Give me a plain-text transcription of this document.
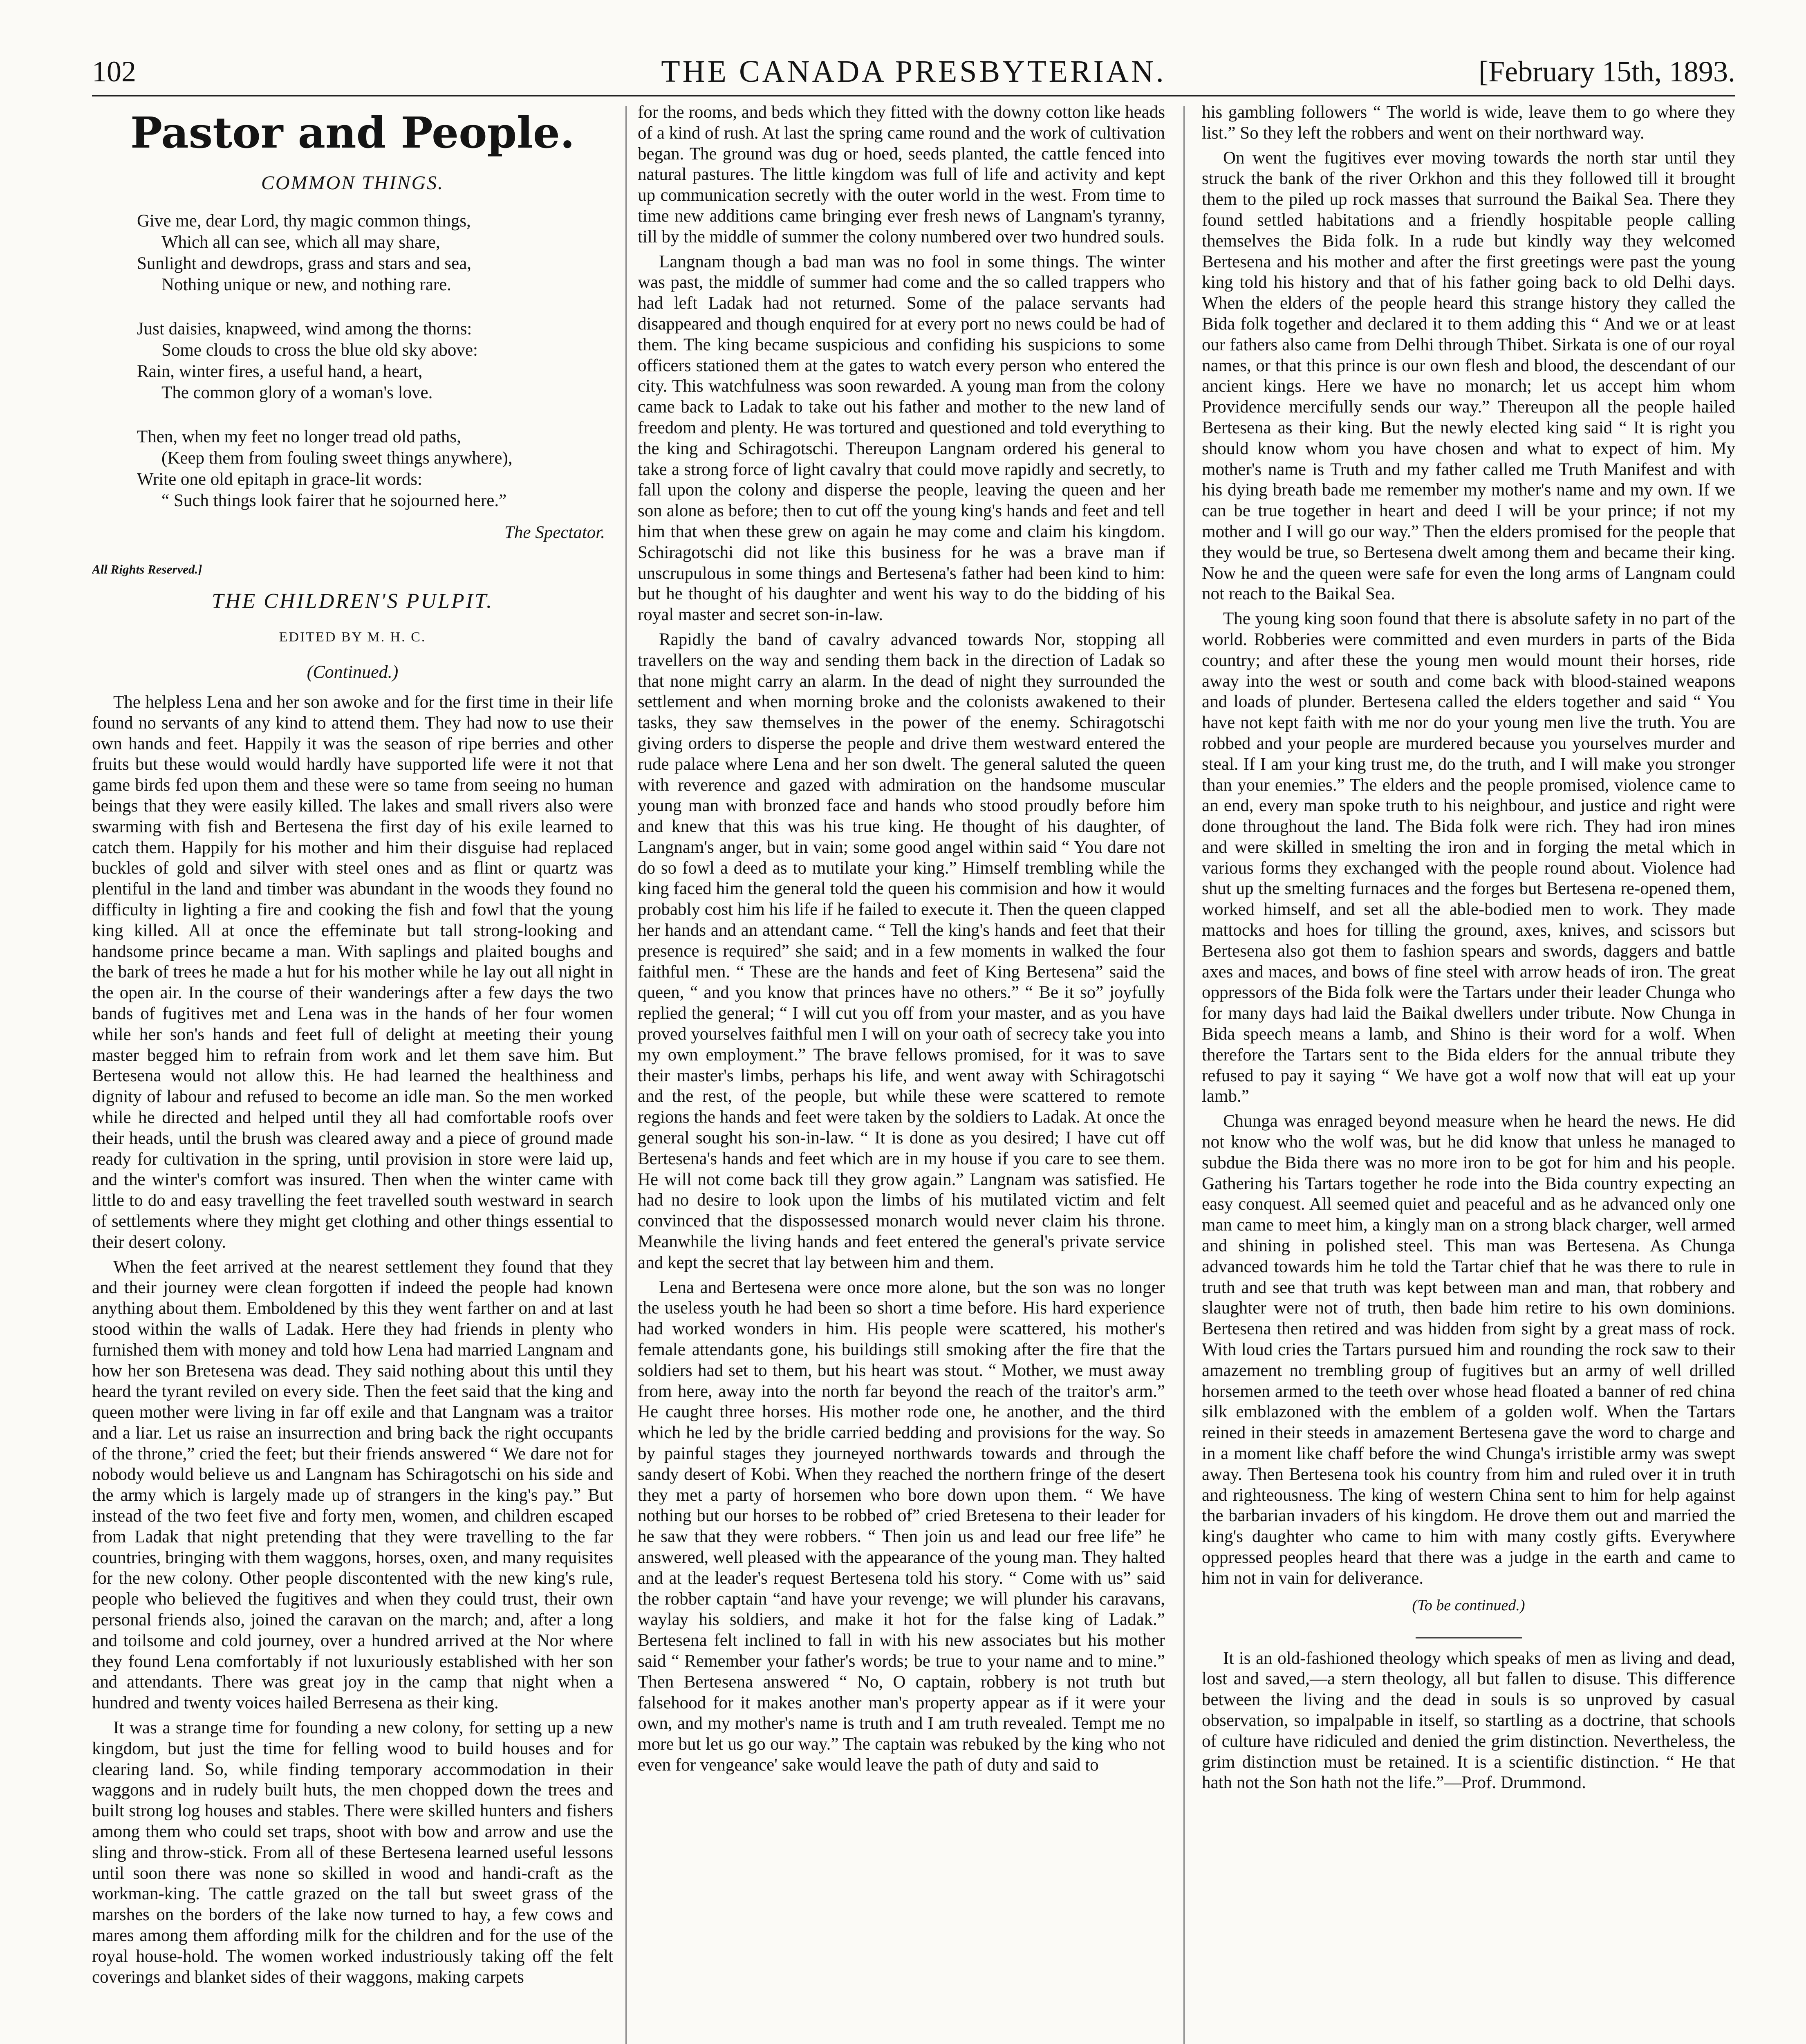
102	THE CANADA PRESBYTERIAN.	[February 15th, 1893.
Pastor and People.
COMMON THINGS.
Give me, dear Lord, thy magic common things,
Which all can see, which all may share,
Sunlight and dewdrops, grass and stars and sea,
Nothing unique or new, and nothing rare.
Just daisies, knapweed, wind among the thorns:
Some clouds to cross the blue old sky above:
Rain, winter fires, a useful hand, a heart,
The common glory of a woman's love.
Then, when my feet no longer tread old paths,
(Keep them from fouling sweet things anywhere),
Write one old epitaph in grace-lit words:
“ Such things look fairer that he sojourned here.”
The Spectator.
All Rights Reserved.]
THE CHILDREN'S PULPIT.
EDITED BY M. H. C.
(Continued.)

The helpless Lena and her son awoke and for the first time in their life found no servants of any kind to attend them. They had now to use their own hands and feet. Happily it was the season of ripe berries and other fruits but these would would hardly have supported life were it not that game birds fed upon them and these were so tame from seeing no human beings that they were easily killed. The lakes and small rivers also were swarming with fish and Bertesena the first day of his exile learned to catch them. Happily for his mother and him their disguise had replaced buckles of gold and silver with steel ones and as flint or quartz was plentiful in the land and timber was abundant in the woods they found no difficulty in lighting a fire and cooking the fish and fowl that the young king killed. All at once the effeminate but tall strong-looking and handsome prince became a man. With saplings and plaited boughs and the bark of trees he made a hut for his mother while he lay out all night in the open air. In the course of their wanderings after a few days the two bands of fugitives met and Lena was in the hands of her four women while her son's hands and feet full of delight at meeting their young master begged him to refrain from work and let them save him. But Bertesena would not allow this. He had learned the healthiness and dignity of labour and refused to become an idle man. So the men worked while he directed and helped until they all had comfortable roofs over their heads, until the brush was cleared away and a piece of ground made ready for cultivation in the spring, until provision in store were laid up, and the winter's comfort was insured. Then when the winter came with little to do and easy travelling the feet travelled south westward in search of settlements where they might get clothing and other things essential to their desert colony.

When the feet arrived at the nearest settlement they found that they and their journey were clean forgotten if indeed the people had known anything about them. Emboldened by this they went farther on and at last stood within the walls of Ladak. Here they had friends in plenty who furnished them with money and told how Lena had married Langnam and how her son Bretesena was dead. They said nothing about this until they heard the tyrant reviled on every side. Then the feet said that the king and queen mother were living in far off exile and that Langnam was a traitor and a liar. Let us raise an insurrection and bring back the right occupants of the throne,” cried the feet; but their friends answered “ We dare not for nobody would believe us and Langnam has Schiragotschi on his side and the army which is largely made up of strangers in the king's pay.” But instead of the two feet five and forty men, women, and children escaped from Ladak that night pretending that they were travelling to the far countries, bringing with them waggons, horses, oxen, and many requisites for the new colony. Other people discontented with the new king's rule, people who believed the fugitives and when they could trust, their own personal friends also, joined the caravan on the march; and, after a long and toilsome and cold journey, over a hundred arrived at the Nor where they found Lena comfortably if not luxuriously established with her son and attendants. There was great joy in the camp that night when a hundred and twenty voices hailed Berresena as their king.

It was a strange time for founding a new colony, for setting up a new kingdom, but just the time for felling wood to build houses and for clearing land. So, while finding temporary accommodation in their waggons and in rudely built huts, the men chopped down the trees and built strong log houses and stables. There were skilled hunters and fishers among them who could set traps, shoot with bow and arrow and use the sling and throw-stick. From all of these Bertesena learned useful lessons until soon there was none so skilled in wood and handi-craft as the workman-king. The cattle grazed on the tall but sweet grass of the marshes on the borders of the lake now turned to hay, a few cows and mares among them affording milk for the children and for the use of the royal house-hold. The women worked industriously taking off the felt coverings and blanket sides of their waggons, making carpets

for the rooms, and beds which they fitted with the downy cotton like heads of a kind of rush. At last the spring came round and the work of cultivation began. The ground was dug or hoed, seeds planted, the cattle fenced into natural pastures. The little kingdom was full of life and activity and kept up communication secretly with the outer world in the west. From time to time new additions came bringing ever fresh news of Langnam's tyranny, till by the middle of summer the colony numbered over two hundred souls.

Langnam though a bad man was no fool in some things. The winter was past, the middle of summer had come and the so called trappers who had left Ladak had not returned. Some of the palace servants had disappeared and though enquired for at every port no news could be had of them. The king became suspicious and confiding his suspicions to some officers stationed them at the gates to watch every person who entered the city. This watchfulness was soon rewarded. A young man from the colony came back to Ladak to take out his father and mother to the new land of freedom and plenty. He was tortured and questioned and told everything to the king and Schiragotschi. Thereupon Langnam ordered his general to take a strong force of light cavalry that could move rapidly and secretly, to fall upon the colony and disperse the people, leaving the queen and her son alone as before; then to cut off the young king's hands and feet and tell him that when these grew on again he may come and claim his kingdom. Schiragotschi did not like this business for he was a brave man if unscrupulous in some things and Bertesena's father had been kind to him: but he thought of his daughter and went his way to do the bidding of his royal master and secret son-in-law.

Rapidly the band of cavalry advanced towards Nor, stopping all travellers on the way and sending them back in the direction of Ladak so that none might carry an alarm. In the dead of night they surrounded the settlement and when morning broke and the colonists awakened to their tasks, they saw themselves in the power of the enemy. Schiragotschi giving orders to disperse the people and drive them westward entered the rude palace where Lena and her son dwelt. The general saluted the queen with reverence and gazed with admiration on the handsome muscular young man with bronzed face and hands who stood proudly before him and knew that this was his true king. He thought of his daughter, of Langnam's anger, but in vain; some good angel within said “ You dare not do so fowl a deed as to mutilate your king.” Himself trembling while the king faced him the general told the queen his commision and how it would probably cost him his life if he failed to execute it. Then the queen clapped her hands and an attendant came. “ Tell the king's hands and feet that their presence is required” she said; and in a few moments in walked the four faithful men. “ These are the hands and feet of King Bertesena” said the queen, “ and you know that princes have no others.” “ Be it so” joyfully replied the general; “ I will cut you off from your master, and as you have proved yourselves faithful men I will on your oath of secrecy take you into my own employment.” The brave fellows promised, for it was to save their master's limbs, perhaps his life, and went away with Schiragotschi and the rest, of the people, but while these were scattered to remote regions the hands and feet were taken by the soldiers to Ladak. At once the general sought his son-in-law. “ It is done as you desired; I have cut off Bertesena's hands and feet which are in my house if you care to see them. He will not come back till they grow again.” Langnam was satisfied. He had no desire to look upon the limbs of his mutilated victim and felt convinced that the dispossessed monarch would never claim his throne. Meanwhile the living hands and feet entered the general's private service and kept the secret that lay between him and them.

Lena and Bertesena were once more alone, but the son was no longer the useless youth he had been so short a time before. His hard experience had worked wonders in him. His people were scattered, his mother's female attendants gone, his buildings still smoking after the fire that the soldiers had set to them, but his heart was stout. “ Mother, we must away from here, away into the north far beyond the reach of the traitor's arm.” He caught three horses. His mother rode one, he another, and the third which he led by the bridle carried bedding and provisions for the way. So by painful stages they journeyed northwards towards and through the sandy desert of Kobi. When they reached the northern fringe of the desert they met a party of horsemen who bore down upon them. “ We have nothing but our horses to be robbed of” cried Bretesena to their leader for he saw that they were robbers. “ Then join us and lead our free life” he answered, well pleased with the appearance of the young man. They halted and at the leader's request Bertesena told his story. “ Come with us” said the robber captain “and have your revenge; we will plunder his caravans, waylay his soldiers, and make it hot for the false king of Ladak.” Bertesena felt inclined to fall in with his new associates but his mother said “ Remember your father's words; be true to your name and to mine.” Then Bertesena answered “ No, O captain, robbery is not truth but falsehood for it makes another man's property appear as if it were your own, and my mother's name is truth and I am truth revealed. Tempt me no more but let us go our way.” The captain was rebuked by the king who not even for vengeance' sake would leave the path of duty and said to

his gambling followers “ The world is wide, leave them to go where they list.” So they left the robbers and went on their northward way.

On went the fugitives ever moving towards the north star until they struck the bank of the river Orkhon and this they followed till it brought them to the piled up rock masses that surround the Baikal Sea. There they found settled habitations and a friendly hospitable people calling themselves the Bida folk. In a rude but kindly way they welcomed Bertesena and his mother and after the first greetings were past the young king told his history and that of his father going back to old Delhi days. When the elders of the people heard this strange history they called the Bida folk together and declared it to them adding this “ And we or at least our fathers also came from Delhi through Thibet. Sirkata is one of our royal names, or that this prince is our own flesh and blood, the descendant of our ancient kings. Here we have no monarch; let us accept him whom Providence mercifully sends our way.” Thereupon all the people hailed Bertesena as their king. But the newly elected king said “ It is right you should know whom you have chosen and what to expect of him. My mother's name is Truth and my father called me Truth Manifest and with his dying breath bade me remember my mother's name and my own. If we can be true together in heart and deed I will be your prince; if not my mother and I will go our way.” Then the elders promised for the people that they would be true, so Bertesena dwelt among them and became their king. Now he and the queen were safe for even the long arms of Langnam could not reach to the Baikal Sea.

The young king soon found that there is absolute safety in no part of the world. Robberies were committed and even murders in parts of the Bida country; and after these the young men would mount their horses, ride away into the west or south and come back with blood-stained weapons and loads of plunder. Bertesena called the elders together and said “ You have not kept faith with me nor do your young men live the truth. You are robbed and your people are murdered because you yourselves murder and steal. If I am your king trust me, do the truth, and I will make you stronger than your enemies.” The elders and the people promised, violence came to an end, every man spoke truth to his neighbour, and justice and right were done throughout the land. The Bida folk were rich. They had iron mines and were skilled in smelting the iron and in forging the metal which in various forms they exchanged with the people round about. Violence had shut up the smelting furnaces and the forges but Bertesena re-opened them, worked himself, and set all the able-bodied men to work. They made mattocks and hoes for tilling the ground, axes, knives, and scissors but Bertesena also got them to fashion spears and swords, daggers and battle axes and maces, and bows of fine steel with arrow heads of iron. The great oppressors of the Bida folk were the Tartars under their leader Chunga who for many days had laid the Baikal dwellers under tribute. Now Chunga in Bida speech means a lamb, and Shino is their word for a wolf. When therefore the Tartars sent to the Bida elders for the annual tribute they refused to pay it saying “ We have got a wolf now that will eat up your lamb.”

Chunga was enraged beyond measure when he heard the news. He did not know who the wolf was, but he did know that unless he managed to subdue the Bida there was no more iron to be got for him and his people. Gathering his Tartars together he rode into the Bida country expecting an easy conquest. All seemed quiet and peaceful and as he advanced only one man came to meet him, a kingly man on a strong black charger, well armed and shining in polished steel. This man was Bertesena. As Chunga advanced towards him he told the Tartar chief that he was there to rule in truth and see that truth was kept between man and man, that robbery and slaughter were not of truth, then bade him retire to his own dominions. Bertesena then retired and was hidden from sight by a great mass of rock. With loud cries the Tartars pursued him and rounding the rock saw to their amazement no trembling group of fugitives but an army of well drilled horsemen armed to the teeth over whose head floated a banner of red china silk emblazoned with the emblem of a golden wolf. When the Tartars reined in their steeds in amazement Bertesena gave the word to charge and in a moment like chaff before the wind Chunga's irristible army was swept away. Then Bertesena took his country from him and ruled over it in truth and righteousness. The king of western China sent to him for help against the barbarian invaders of his kingdom. He drove them out and married the king's daughter who came to him with many costly gifts. Everywhere oppressed peoples heard that there was a judge in the earth and came to him not in vain for deliverance.

(To be continued.)

It is an old-fashioned theology which speaks of men as living and dead, lost and saved,—a stern theology, all but fallen to disuse. This difference between the living and the dead in souls is so unproved by casual observation, so impalpable in itself, so startling as a doctrine, that schools of culture have ridiculed and denied the grim distinction. Nevertheless, the grim distinction must be retained. It is a scientific distinction. “ He that hath not the Son hath not the life.”—Prof. Drummond.
